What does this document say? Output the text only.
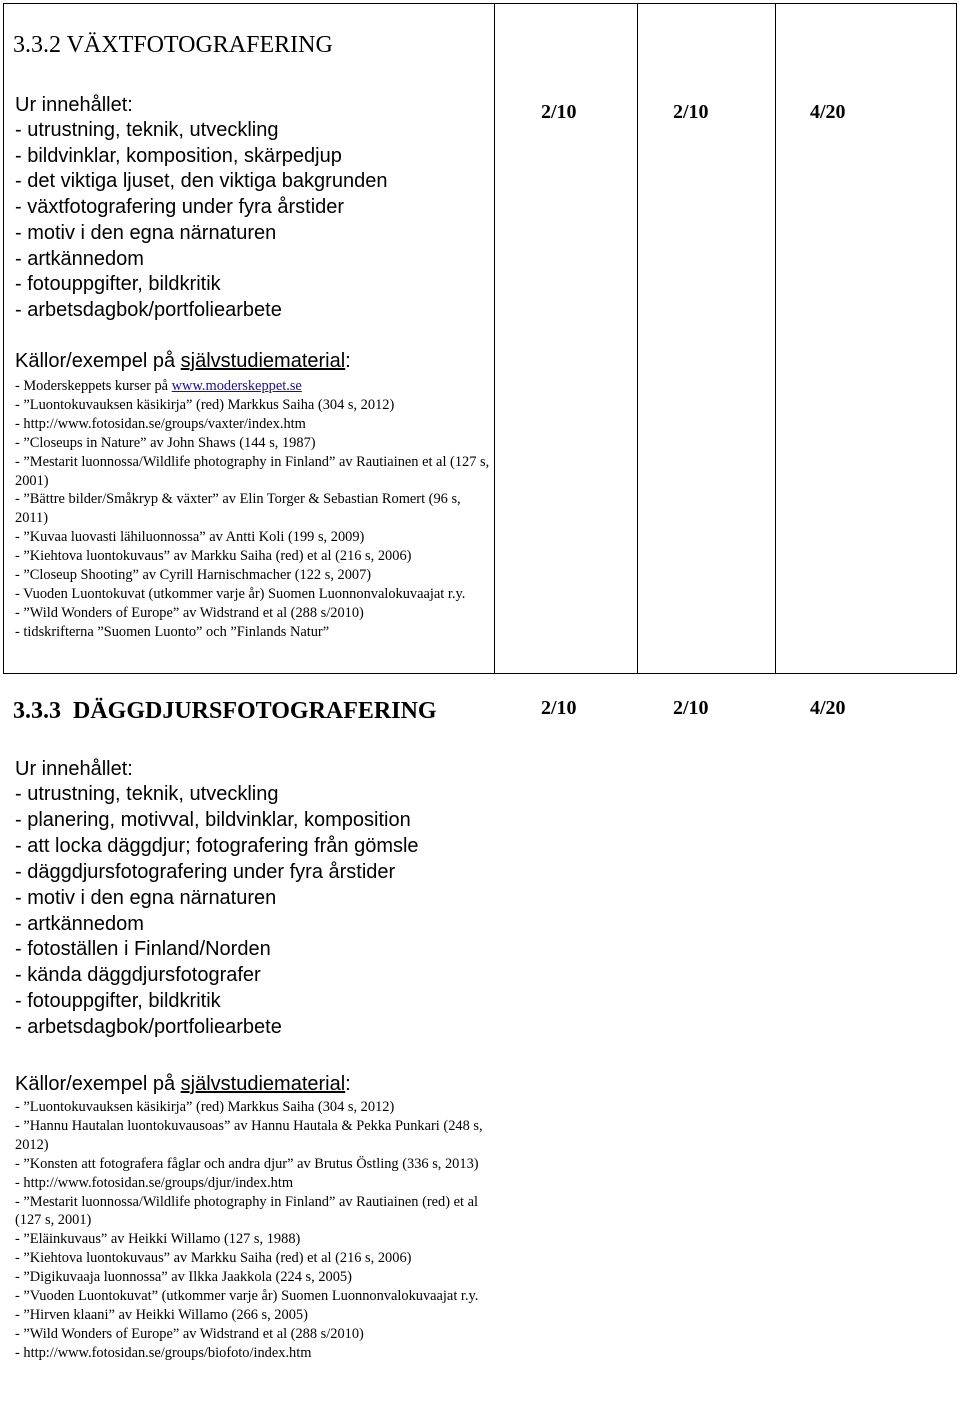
3.3.2 VÄXTFOTOGRAFERING
Ur innehållet:
- utrustning, teknik, utveckling
- bildvinklar, komposition, skärpedjup
- det viktiga ljuset, den viktiga bakgrunden
- växtfotografering under fyra årstider
- motiv i den egna närnaturen
- artkännedom
- fotouppgifter, bildkritik
- arbetsdagbok/portfoliearbete
Källor/exempel på självstudiematerial:
- Moderskeppets kurser på www.moderskeppet.se
- ”Luontokuvauksen käsikirja” (red) Markkus Saiha (304 s, 2012)
- http://www.fotosidan.se/groups/vaxter/index.htm
- ”Closeups in Nature” av John Shaws (144 s, 1987)
- ”Mestarit luonnossa/Wildlife photography in Finland” av Rautiainen et al (127 s, 2001)
- ”Bättre bilder/Småkryp & växter” av Elin Torger & Sebastian Romert (96 s, 2011)
- ”Kuvaa luovasti lähiluonnossa” av Antti Koli (199 s, 2009)
- ”Kiehtova luontokuvaus” av Markku Saiha (red) et al (216 s, 2006)
- ”Closeup Shooting” av Cyrill Harnischmacher (122 s, 2007)
- Vuoden Luontokuvat (utkommer varje år) Suomen Luonnonvalokuvaajat r.y.
- ”Wild Wonders of Europe” av Widstrand et al (288 s/2010)
- tidskrifterna ”Suomen Luonto” och ”Finlands Natur”
2/10	2/10	4/20
3.3.3 DÄGGDJURSFOTOGRAFERING
Ur innehållet:
- utrustning, teknik, utveckling
- planering, motivval, bildvinklar, komposition
- att locka däggdjur; fotografering från gömsle
- däggdjursfotografering under fyra årstider
- motiv i den egna närnaturen
- artkännedom
- fotoställen i Finland/Norden
- kända däggdjursfotografer
- fotouppgifter, bildkritik
- arbetsdagbok/portfoliearbete
Källor/exempel på självstudiematerial:
- ”Luontokuvauksen käsikirja” (red) Markkus Saiha (304 s, 2012)
- ”Hannu Hautalan luontokuvausoas” av Hannu Hautala & Pekka Punkari (248 s, 2012)
- ”Konsten att fotografera fåglar och andra djur” av Brutus Östling (336 s, 2013)
- http://www.fotosidan.se/groups/djur/index.htm
- ”Mestarit luonnossa/Wildlife photography in Finland” av Rautiainen (red) et al (127 s, 2001)
- ”Eläinkuvaus” av Heikki Willamo (127 s, 1988)
- ”Kiehtova luontokuvaus” av Markku Saiha (red) et al (216 s, 2006)
- ”Digikuvaaja luonnossa” av Ilkka Jaakkola (224 s, 2005)
- ”Vuoden Luontokuvat” (utkommer varje år) Suomen Luonnonvalokuvaajat r.y.
- ”Hirven klaani” av Heikki Willamo (266 s, 2005)
- ”Wild Wonders of Europe” av Widstrand et al (288 s/2010)
- http://www.fotosidan.se/groups/biofoto/index.htm
2/10	2/10	4/20
